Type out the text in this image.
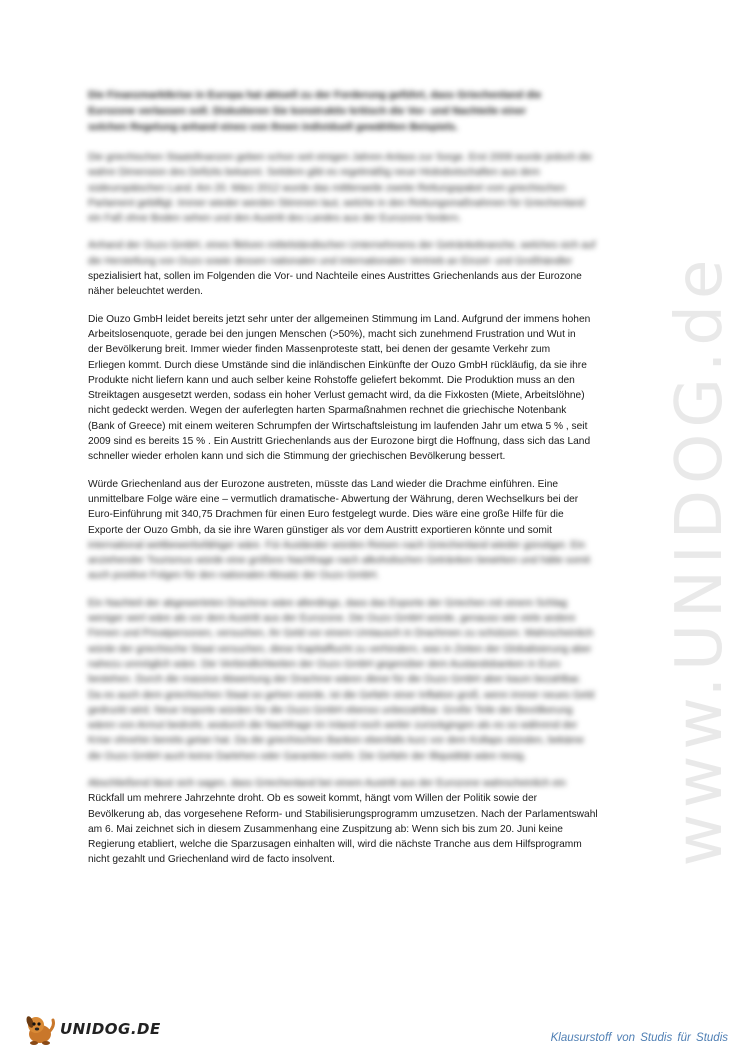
www.UNIDOG.de
Die Finanzmarktkrise in Europa hat aktuell zu der Forderung geführt, dass Griechenland die
Eurozone verlassen soll. Diskutieren Sie konstruktiv kritisch die Vor- und Nachteile einer
solchen Regelung anhand eines von Ihnen individuell gewählten Beispiels.
Die griechischen Staatsfinanzen geben schon seit einigen Jahren Anlass zur Sorge. Erst 2009 wurde jedoch die
wahre Dimension des Defizits bekannt. Seitdem gibt es regelmäßig neue Hiobsbotschaften aus dem
südeuropäischen Land. Am 20. März 2012 wurde das mittlerweile zweite Rettungspaket vom griechischen
Parlament gebilligt. Immer wieder werden Stimmen laut, welche in den Rettungsmaßnahmen für Griechenland
ein Faß ohne Boden sehen und den Austritt des Landes aus der Eurozone fordern.
Anhand der Ouzo GmbH, eines fiktiven mittelständischen Unternehmens der Getränkebranche, welches sich auf
die Herstellung von Ouzo sowie dessen nationalen und internationalen Vertrieb an Einzel- und Großhändler
spezialisiert hat, sollen im Folgenden die Vor- und Nachteile eines Austrittes Griechenlands aus der Eurozone
näher beleuchtet werden.
Die Ouzo GmbH leidet bereits jetzt sehr unter der allgemeinen Stimmung im Land. Aufgrund der immens hohen
Arbeitslosenquote, gerade bei den jungen Menschen (>50%), macht sich zunehmend Frustration und Wut in
der Bevölkerung breit. Immer wieder finden Massenproteste statt, bei denen der gesamte Verkehr zum
Erliegen kommt. Durch diese Umstände sind die inländischen Einkünfte der Ouzo GmbH rückläufig, da sie ihre
Produkte nicht liefern kann und auch selber keine Rohstoffe geliefert bekommt. Die Produktion muss an den
Streiktagen ausgesetzt werden, sodass ein hoher Verlust gemacht wird, da die Fixkosten (Miete, Arbeitslöhne)
nicht gedeckt werden. Wegen der auferlegten harten Sparmaßnahmen rechnet die griechische Notenbank
(Bank of Greece) mit einem weiteren Schrumpfen der Wirtschaftsleistung im laufenden Jahr um etwa 5 % , seit
2009 sind es bereits 15 % . Ein Austritt Griechenlands aus der Eurozone birgt die Hoffnung, dass sich das Land
schneller wieder erholen kann und sich die Stimmung der griechischen Bevölkerung bessert.
Würde Griechenland aus der Eurozone austreten, müsste das Land wieder die Drachme einführen. Eine
unmittelbare Folge wäre eine – vermutlich dramatische- Abwertung der Währung, deren Wechselkurs bei der
Euro-Einführung mit 340,75 Drachmen für einen Euro festgelegt wurde. Dies wäre eine große Hilfe für die
Exporte der Ouzo Gmbh, da sie ihre Waren günstiger als vor dem Austritt exportieren könnte und somit
international wettbewerbsfähiger wäre. Für Ausländer würden Reisen nach Griechenland wieder günstiger. Ein
anziehender Tourismus würde eine größere Nachfrage nach alkoholischen Getränken bewirken und hätte somit
auch positive Folgen für den nationalen Absatz der Ouzo GmbH.
Ein Nachteil der abgewerteten Drachme wäre allerdings, dass das Exporte der Griechen mit einem Schlag
weniger wert wäre als vor dem Austritt aus der Eurozone. Die Ouzo GmbH würde, genauso wie viele andere
Firmen und Privatpersonen, versuchen, ihr Geld vor einem Umtausch in Drachmen zu schützen. Wahrscheinlich
würde der griechische Staat versuchen, diese Kapitalflucht zu verhindern, was in Zeiten der Globalisierung aber
nahezu unmöglich wäre. Die Verbindlichkeiten der Ouzo GmbH gegenüber dem Auslandsbanken in Euro
bestehen. Durch die massive Abwertung der Drachme wären diese für die Ouzo GmbH aber kaum bezahlbar.
Da es auch dem griechischen Staat so gehen würde, ist die Gefahr einer Inflation groß, wenn immer neues Geld
gedruckt wird. Neue Importe würden für die Ouzo GmbH ebenso unbezahlbar. Große Teile der Bevölkerung
wären von Armut bedroht, wodurch die Nachfrage im Inland noch weiter zurückgingen als es so während der
Krise ohnehin bereits getan hat. Da die griechischen Banken ebenfalls kurz vor dem Kollaps stünden, bekäme
die Ouzo GmbH auch keine Darlehen oder Garantien mehr. Die Gefahr der Illiquidität wäre riesig.
Abschließend lässt sich sagen, dass Griechenland bei einem Austritt aus der Eurozone wahrscheinlich ein
Rückfall um mehrere Jahrzehnte droht. Ob es soweit kommt, hängt vom Willen der Politik sowie der
Bevölkerung ab, das vorgesehene Reform- und Stabilisierungsprogramm umzusetzen. Nach der Parlamentswahl
am 6. Mai zeichnet sich in diesem Zusammenhang eine Zuspitzung ab: Wenn sich bis zum 20. Juni keine
Regierung etabliert, welche die Sparzusagen einhalten will, wird die nächste Tranche aus dem Hilfsprogramm
nicht gezahlt und Griechenland wird de facto insolvent.
UNIDOG.DE	Klausurstoff von Studis für Studis
